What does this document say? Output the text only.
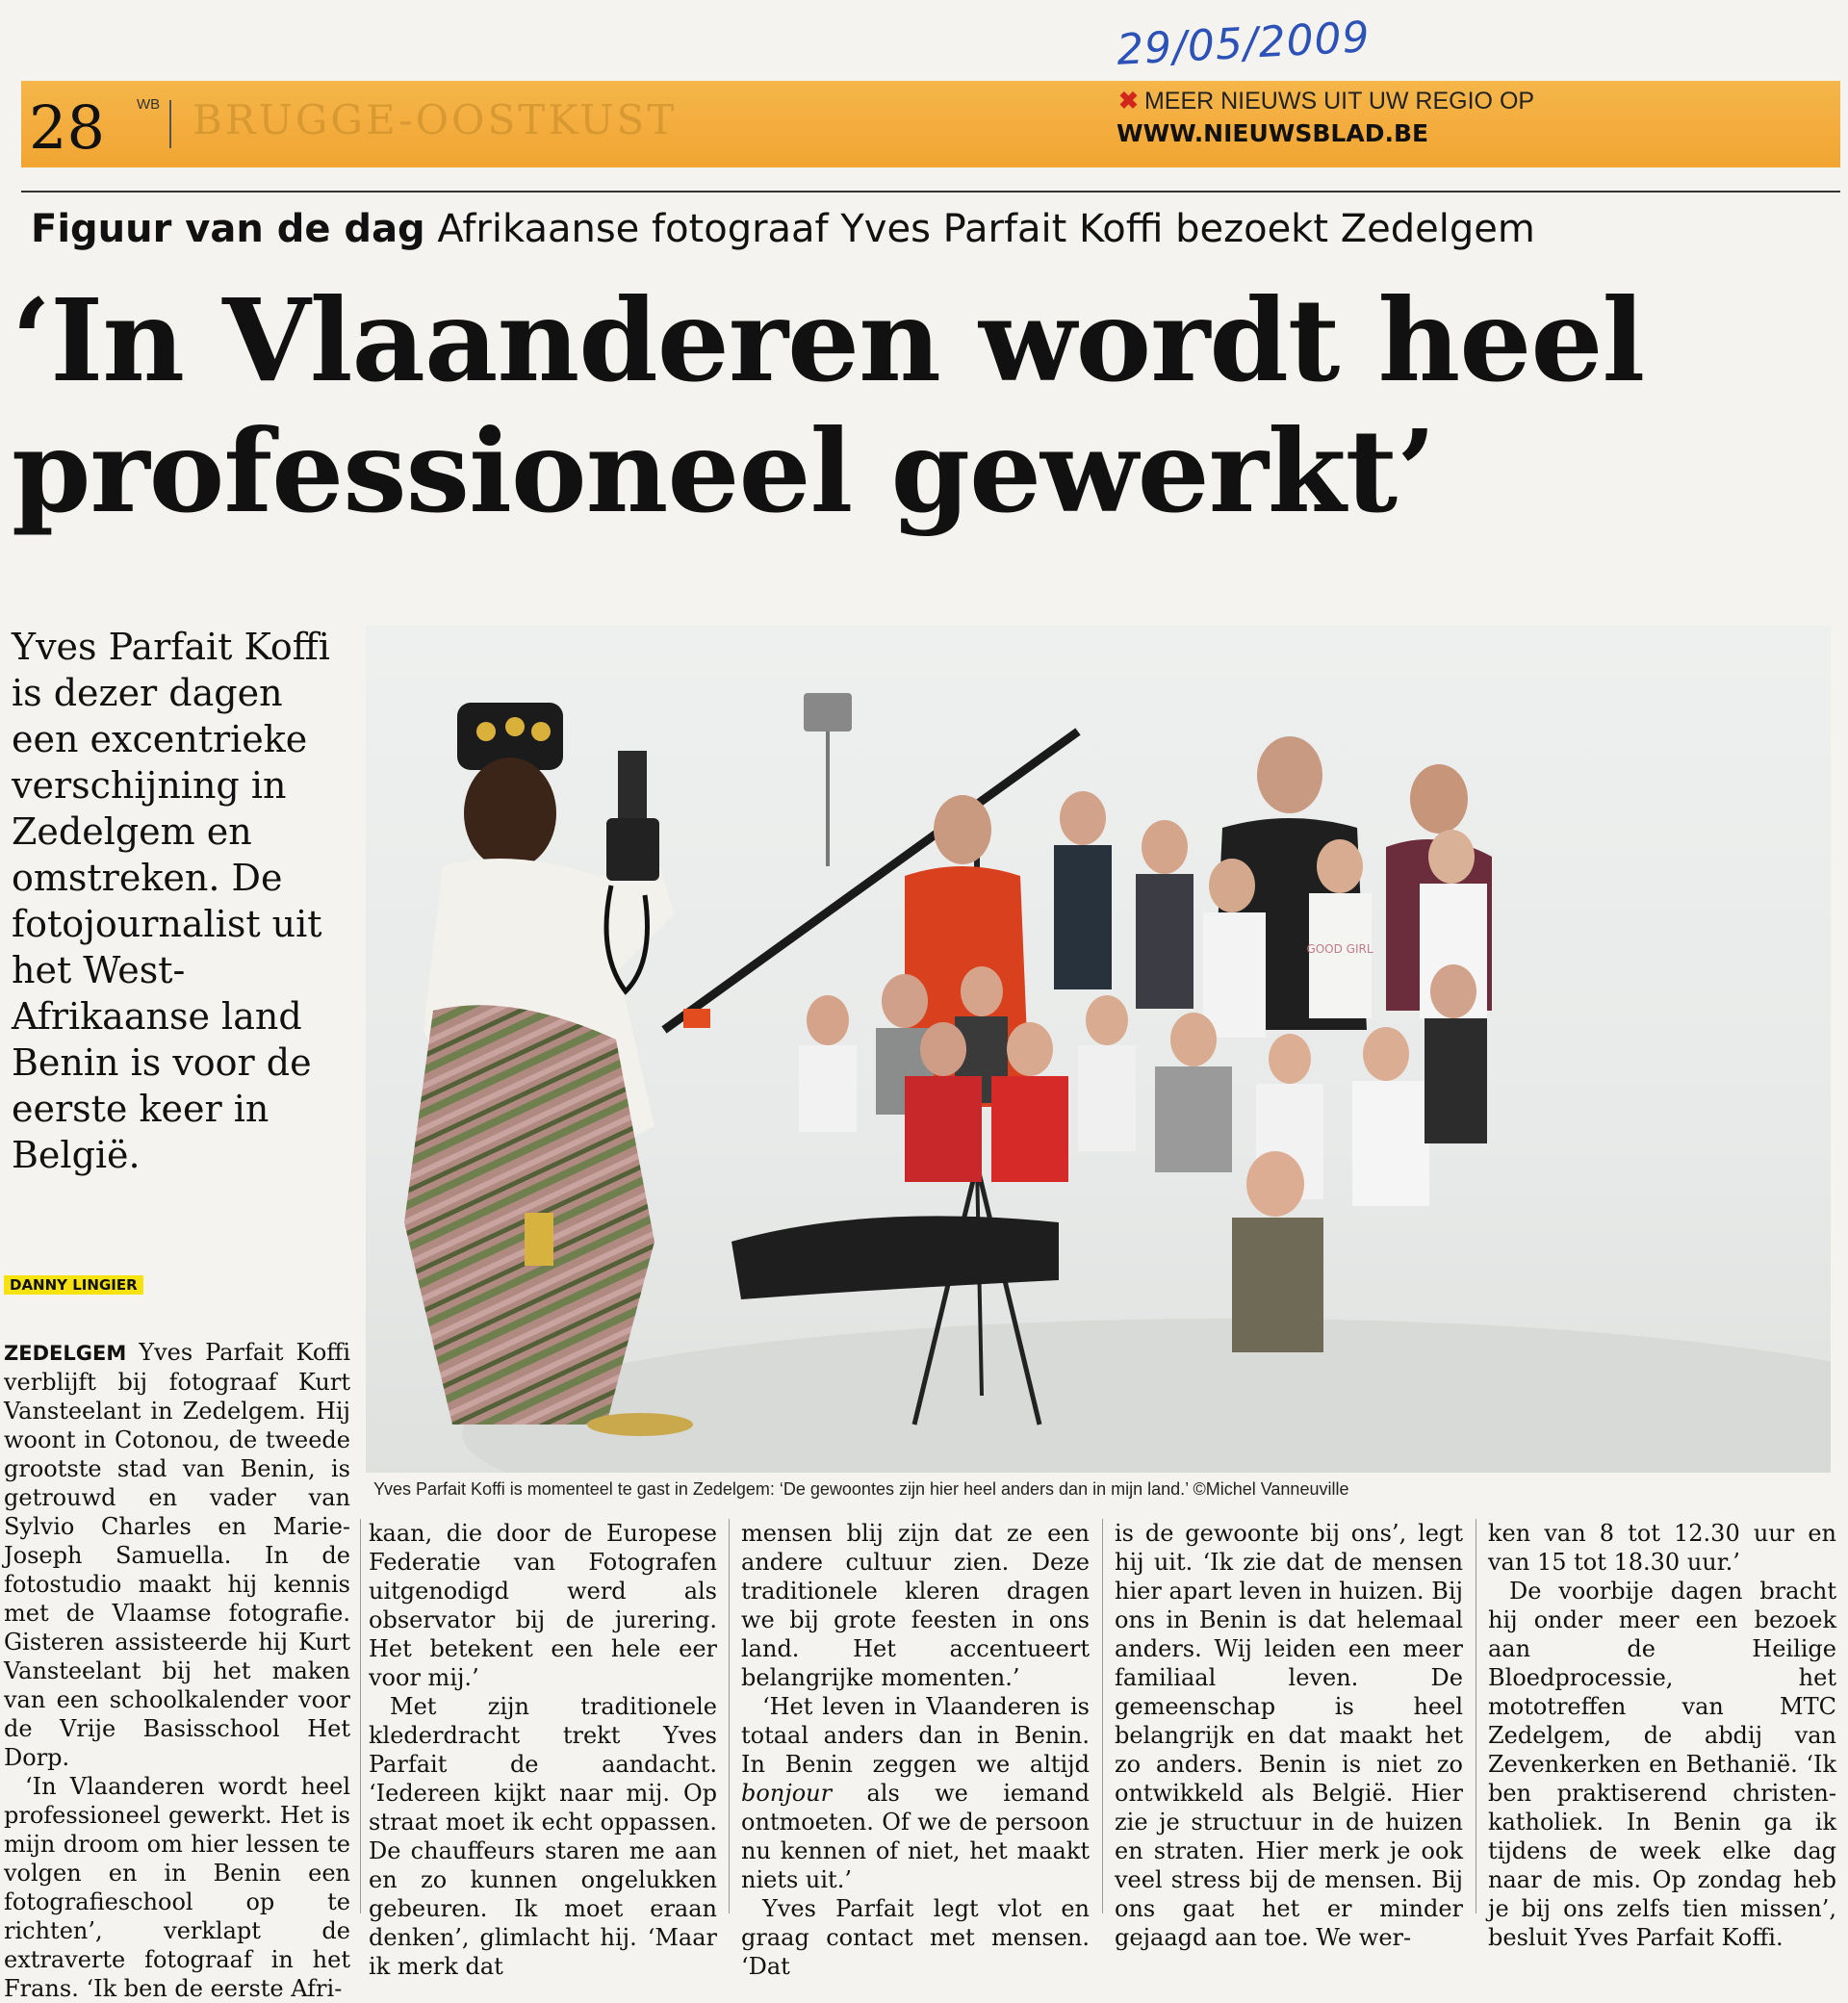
29/05/2009
28 WB BRUGGE-OOSTKUST	✖ MEER NIEUWS UIT UW REGIO OP
WWW.NIEUWSBLAD.BE
Figuur van de dag Afrikaanse fotograaf Yves Parfait Koffi bezoekt Zedelgem
‘In Vlaanderen wordt heel
professioneel gewerkt’
Yves Parfait Koffi is dezer dagen een excentrieke verschijning in Zedelgem en omstreken. De fotojournalist uit het West-Afrikaanse land Benin is voor de eerste keer in België.
DANNY LINGIER
GOOD GIRL
Yves Parfait Koffi is momenteel te gast in Zedelgem: ‘De gewoontes zijn hier heel anders dan in mijn land.’ ©Michel Vanneuville

ZEDELGEM Yves Parfait Koffi verblijft bij fotograaf Kurt Vansteelant in Zedelgem. Hij woont in Cotonou, de tweede grootste stad van Benin, is getrouwd en vader van Sylvio Charles en Marie-Joseph Samuella. In de fotostudio maakt hij kennis met de Vlaamse fotografie. Gisteren assisteerde hij Kurt Vansteelant bij het maken van een schoolkalender voor de Vrije Basisschool Het Dorp.

‘In Vlaanderen wordt heel professioneel gewerkt. Het is mijn droom om hier lessen te volgen en in Benin een fotografieschool op te richten’, verklapt de extraverte fotograaf in het Frans. ‘Ik ben de eerste Afri-

kaan, die door de Europese Federatie van Fotografen uitgenodigd werd als observator bij de jurering. Het betekent een hele eer voor mij.’

Met zijn traditionele klederdracht trekt Yves Parfait de aandacht. ‘Iedereen kijkt naar mij. Op straat moet ik echt oppassen. De chauffeurs staren me aan en zo kunnen ongelukken gebeuren. Ik moet eraan denken’, glimlacht hij. ‘Maar ik merk dat

mensen blij zijn dat ze een andere cultuur zien. Deze traditionele kleren dragen we bij grote feesten in ons land. Het accentueert belangrijke momenten.’

‘Het leven in Vlaanderen is totaal anders dan in Benin. In Benin zeggen we altijd bonjour als we iemand ontmoeten. Of we de persoon nu kennen of niet, het maakt niets uit.’

Yves Parfait legt vlot en graag contact met mensen. ‘Dat

is de gewoonte bij ons’, legt hij uit. ‘Ik zie dat de mensen hier apart leven in huizen. Bij ons in Benin is dat helemaal anders. Wij leiden een meer familiaal leven. De gemeenschap is heel belangrijk en dat maakt het zo anders. Benin is niet zo ontwikkeld als België. Hier zie je structuur in de huizen en straten. Hier merk je ook veel stress bij de mensen. Bij ons gaat het er minder gejaagd aan toe. We wer-

ken van 8 tot 12.30 uur en van 15 tot 18.30 uur.’

De voorbije dagen bracht hij onder meer een bezoek aan de Heilige Bloedprocessie, het mototreffen van MTC Zedelgem, de abdij van Zevenkerken en Bethanië. ‘Ik ben praktiserend christen-katholiek. In Benin ga ik tijdens de week elke dag naar de mis. Op zondag heb je bij ons zelfs tien missen’, besluit Yves Parfait Koffi.
